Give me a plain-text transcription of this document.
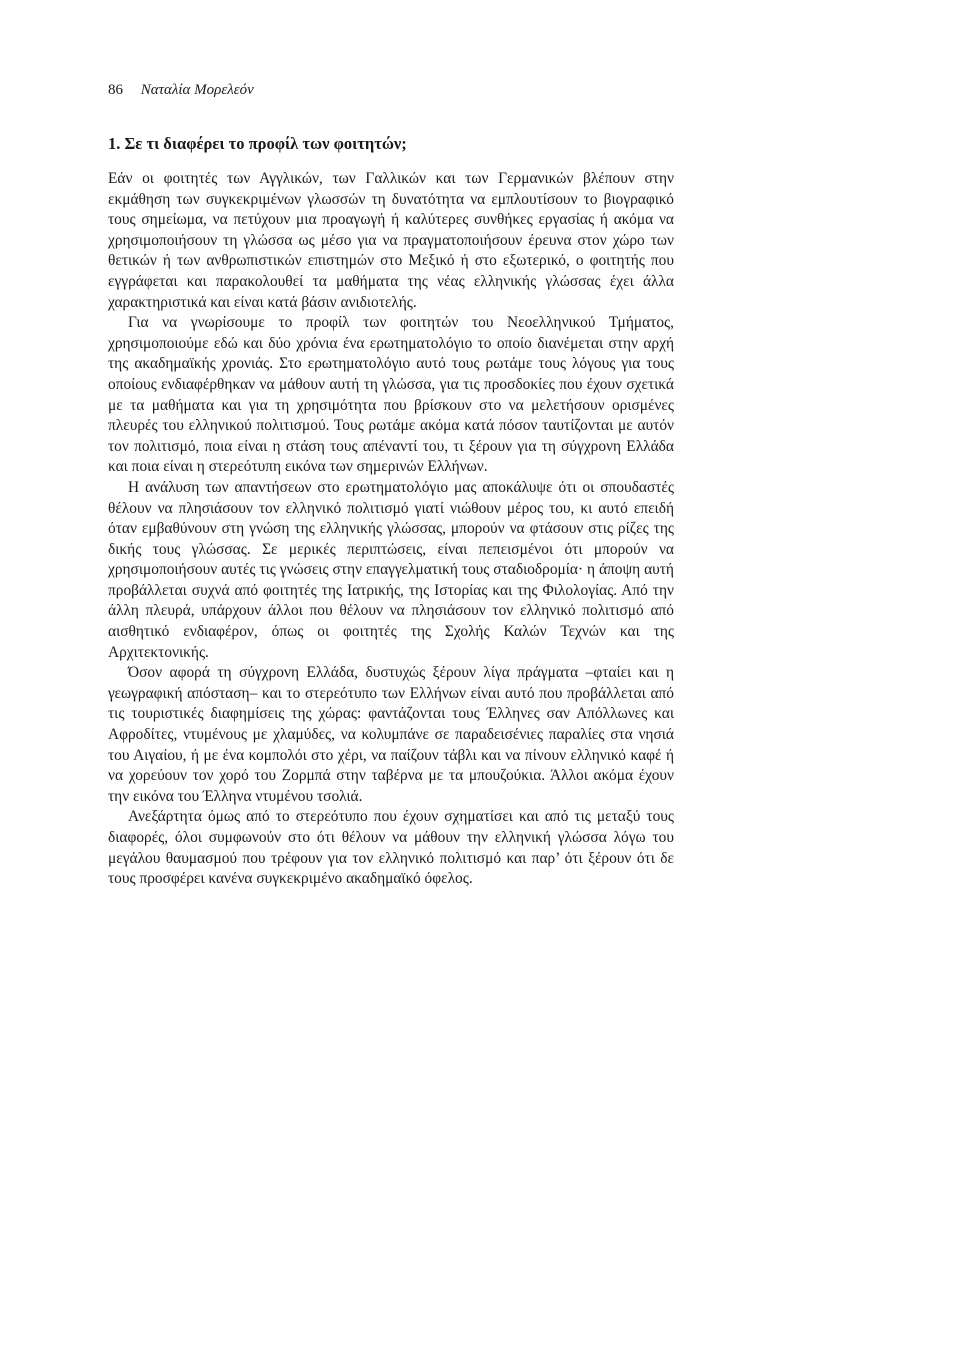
86 Ναταλία Μορελεόν
1. Σε τι διαφέρει το προφίλ των φοιτητών;

Εάν οι φοιτητές των Αγγλικών, των Γαλλικών και των Γερμανικών βλέπουν στην εκμάθηση των συγκεκριμένων γλωσσών τη δυνατότητα να εμπλουτίσουν το βιογραφικό τους σημείωμα, να πετύχουν μια προαγωγή ή καλύτερες συνθήκες εργασίας ή ακόμα να χρησιμοποιήσουν τη γλώσσα ως μέσο για να πραγματοποιήσουν έρευνα στον χώρο των θετικών ή των ανθρωπιστικών επιστημών στο Μεξικό ή στο εξωτερικό, ο φοιτητής που εγγράφεται και παρακολουθεί τα μαθήματα της νέας ελληνικής γλώσσας έχει άλλα χαρακτηριστικά και είναι κατά βάσιν ανιδιοτελής.

Για να γνωρίσουμε το προφίλ των φοιτητών του Νεοελληνικού Τμήματος, χρησιμοποιούμε εδώ και δύο χρόνια ένα ερωτηματολόγιο το οποίο διανέμεται στην αρχή της ακαδημαϊκής χρονιάς. Στο ερωτηματολόγιο αυτό τους ρωτάμε τους λόγους για τους οποίους ενδιαφέρθηκαν να μάθουν αυτή τη γλώσσα, για τις προσδοκίες που έχουν σχετικά με τα μαθήματα και για τη χρησιμότητα που βρίσκουν στο να μελετήσουν ορισμένες πλευρές του ελληνικού πολιτισμού. Τους ρωτάμε ακόμα κατά πόσον ταυτίζονται με αυτόν τον πολιτισμό, ποια είναι η στάση τους απέναντί του, τι ξέρουν για τη σύγχρονη Ελλάδα και ποια είναι η στερεότυπη εικόνα των σημερινών Ελλήνων.

Η ανάλυση των απαντήσεων στο ερωτηματολόγιο μας αποκάλυψε ότι οι σπουδαστές θέλουν να πλησιάσουν τον ελληνικό πολιτισμό γιατί νιώθουν μέρος του, κι αυτό επειδή όταν εμβαθύνουν στη γνώση της ελληνικής γλώσσας, μπορούν να φτάσουν στις ρίζες της δικής τους γλώσσας. Σε μερικές περιπτώσεις, είναι πεπεισμένοι ότι μπορούν να χρησιμοποιήσουν αυτές τις γνώσεις στην επαγγελματική τους σταδιοδρομία· η άποψη αυτή προβάλλεται συχνά από φοιτητές της Ιατρικής, της Ιστορίας και της Φιλολογίας. Από την άλλη πλευρά, υπάρχουν άλλοι που θέλουν να πλησιάσουν τον ελληνικό πολιτισμό από αισθητικό ενδιαφέρον, όπως οι φοιτητές της Σχολής Καλών Τεχνών και της Αρχιτεκτονικής.

Όσον αφορά τη σύγχρονη Ελλάδα, δυστυχώς ξέρουν λίγα πράγματα –φταίει και η γεωγραφική απόσταση– και το στερεότυπο των Ελλήνων είναι αυτό που προβάλλεται από τις τουριστικές διαφημίσεις της χώρας: φαντάζονται τους Έλληνες σαν Απόλλωνες και Αφροδίτες, ντυμένους με χλαμύδες, να κολυμπάνε σε παραδεισένιες παραλίες στα νησιά του Αιγαίου, ή με ένα κομπολόι στο χέρι, να παίζουν τάβλι και να πίνουν ελληνικό καφέ ή να χορεύουν τον χορό του Ζορμπά στην ταβέρνα με τα μπουζούκια. Άλλοι ακόμα έχουν την εικόνα του Έλληνα ντυμένου τσολιά.

Ανεξάρτητα όμως από το στερεότυπο που έχουν σχηματίσει και από τις μεταξύ τους διαφορές, όλοι συμφωνούν στο ότι θέλουν να μάθουν την ελληνική γλώσσα λόγω του μεγάλου θαυμασμού που τρέφουν για τον ελληνικό πολιτισμό και παρ’ ότι ξέρουν ότι δε τους προσφέρει κανένα συγκεκριμένο ακαδημαϊκό όφελος.
